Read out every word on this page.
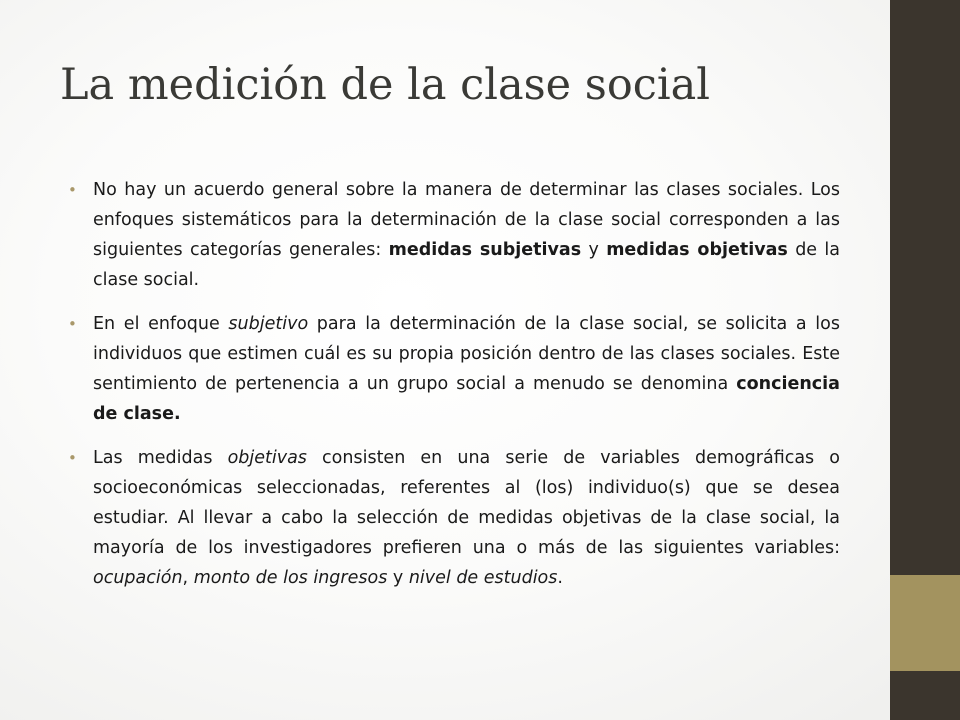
La medición de la clase social
• No hay un acuerdo general sobre la manera de determinar las clases sociales. Los enfoques sistemáticos para la determinación de la clase social corresponden a las siguientes categorías generales: medidas subjetivas y medidas objetivas de la clase social.
• En el enfoque subjetivo para la determinación de la clase social, se solicita a los individuos que estimen cuál es su propia posición dentro de las clases sociales. Este sentimiento de pertenencia a un grupo social a menudo se denomina conciencia de clase.
• Las medidas objetivas consisten en una serie de variables demográficas o socioeconómicas seleccionadas, referentes al (los) individuo(s) que se desea estudiar. Al llevar a cabo la selección de medidas objetivas de la clase social, la mayoría de los investigadores prefieren una o más de las siguientes variables: ocupación, monto de los ingresos y nivel de estudios.
